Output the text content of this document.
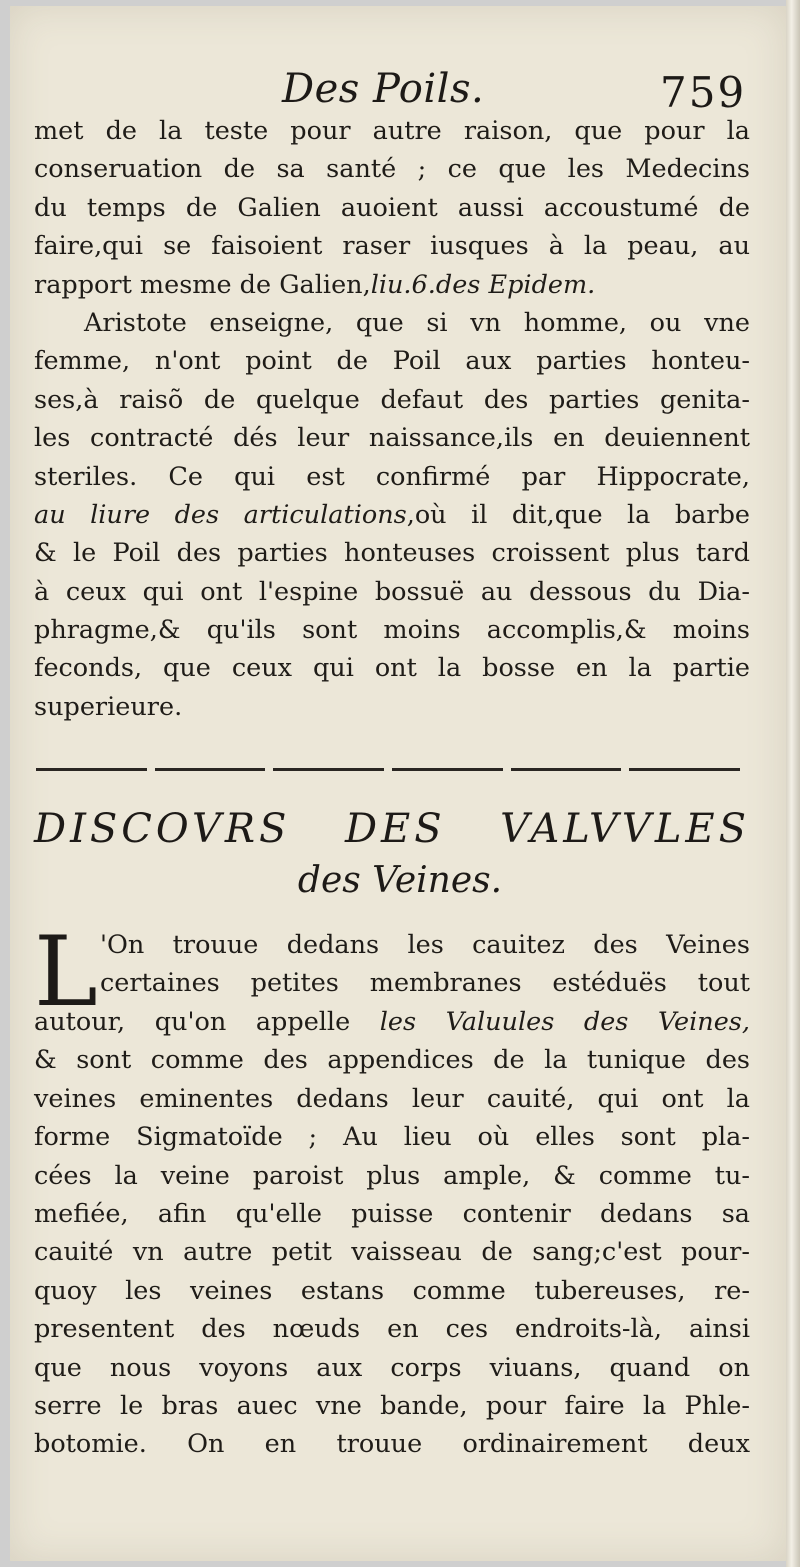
Des Poils.	759
met de la teste pour autre raison, que pour la
conseruation de sa santé ; ce que les Medecins
du temps de Galien auoient aussi accoustumé de
faire,qui se faisoient raser iusques à la peau, au
rapport mesme de Galien,liu.6.des Epidem.
Aristote enseigne, que si vn homme, ou vne
femme, n'ont point de Poil aux parties honteu-
ses,à raisõ de quelque defaut des parties genita-
les contracté dés leur naissance,ils en deuiennent
steriles. Ce qui est confirmé par Hippocrate,
au liure des articulations,où il dit,que la barbe
& le Poil des parties honteuses croissent plus tard
à ceux qui ont l'espine bossuë au dessous du Dia-
phragme,& qu'ils sont moins accomplis,& moins
feconds, que ceux qui ont la bosse en la partie
superieure.
DISCOVRS DES VALVVLES
des Veines.
L 'On trouue dedans les cauitez des Veines
certaines petites membranes estéduës tout
autour, qu'on appelle les Valuules des Veines,
& sont comme des appendices de la tunique des
veines eminentes dedans leur cauité, qui ont la
forme Sigmatoïde ; Au lieu où elles sont pla-
cées la veine paroist plus ample, & comme tu-
mefiée, afin qu'elle puisse contenir dedans sa
cauité vn autre petit vaisseau de sang;c'est pour-
quoy les veines estans comme tubereuses, re-
presentent des nœuds en ces endroits-là, ainsi
que nous voyons aux corps viuans, quand on
serre le bras auec vne bande, pour faire la Phle-
botomie. On en trouue ordinairement deux
